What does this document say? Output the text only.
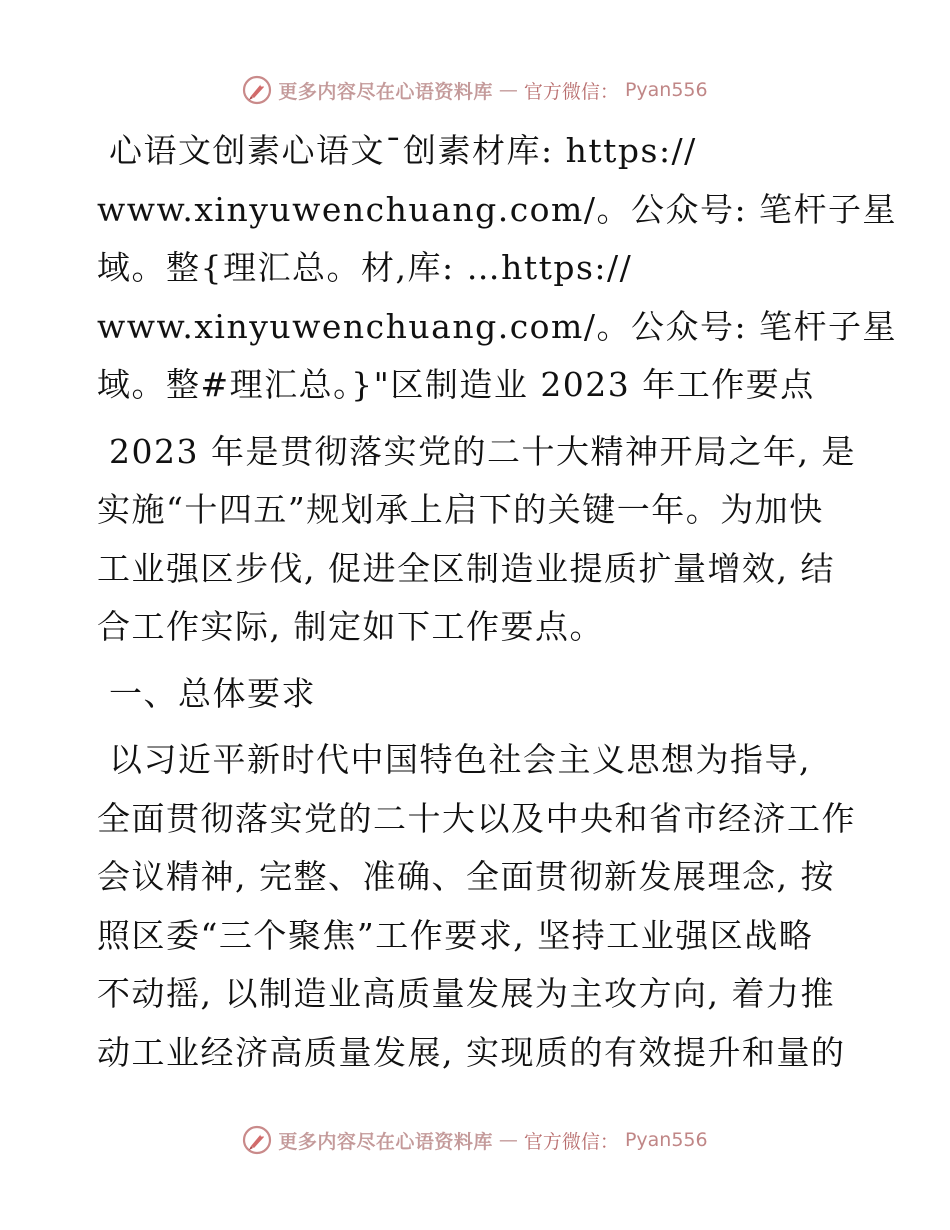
更多内容尽在心语资料库 — 官方微信： Pyan556
心语文创素心语文¯创素材库: https://
www.xinyuwenchuang.com/。公众号: 笔杆子星
域。整{理汇总。材,库: …https://
www.xinyuwenchuang.com/。公众号: 笔杆子星
域。整#理汇总。}"区制造业 2023 年工作要点
2023 年是贯彻落实党的二十大精神开局之年, 是
实施“十四五”规划承上启下的关键一年。为加快
工业强区步伐, 促进全区制造业提质扩量增效, 结
合工作实际, 制定如下工作要点。
一、总体要求
以习近平新时代中国特色社会主义思想为指导,
全面贯彻落实党的二十大以及中央和省市经济工作
会议精神, 完整、准确、全面贯彻新发展理念, 按
照区委“三个聚焦”工作要求, 坚持工业强区战略
不动摇, 以制造业高质量发展为主攻方向, 着力推
动工业经济高质量发展, 实现质的有效提升和量的
更多内容尽在心语资料库 — 官方微信： Pyan556
